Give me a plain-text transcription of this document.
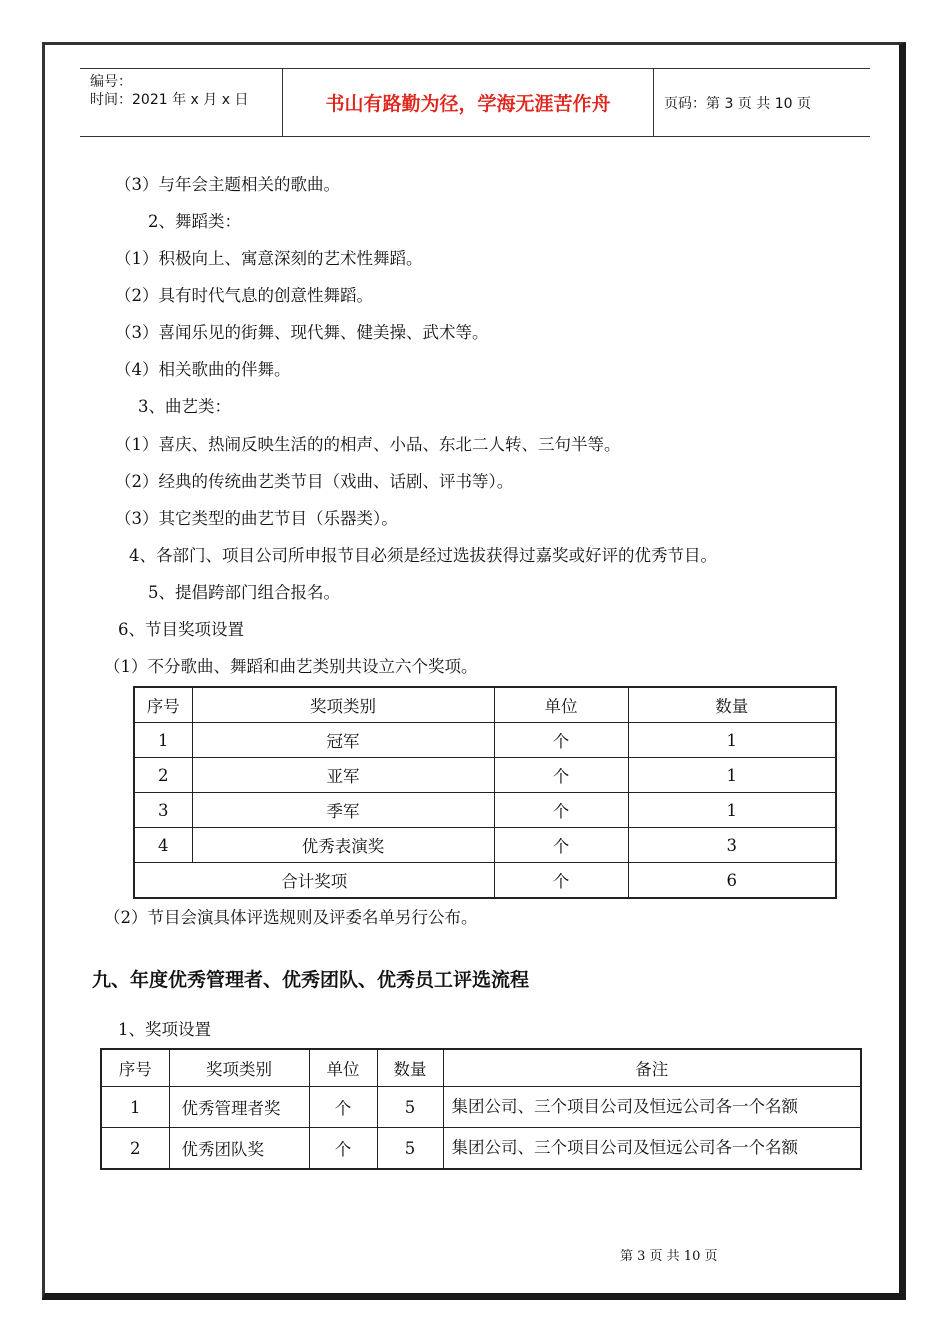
编号：
时间：2021 年 x 月 x 日	书山有路勤为径，学海无涯苦作舟	页码：第 3 页 共 10 页
（3）与年会主题相关的歌曲。
2、舞蹈类：
（1）积极向上、寓意深刻的艺术性舞蹈。
（2）具有时代气息的创意性舞蹈。
（3）喜闻乐见的街舞、现代舞、健美操、武术等。
（4）相关歌曲的伴舞。
3、曲艺类：
（1）喜庆、热闹反映生活的的相声、小品、东北二人转、三句半等。
（2）经典的传统曲艺类节目（戏曲、话剧、评书等）。
（3）其它类型的曲艺节目（乐器类）。
4、各部门、项目公司所申报节目必须是经过选拔获得过嘉奖或好评的优秀节目。
5、提倡跨部门组合报名。
6、节目奖项设置
（1）不分歌曲、舞蹈和曲艺类别共设立六个奖项。
序号	奖项类别	单位	数量
1	冠军	个	1
2	亚军	个	1
3	季军	个	1
4	优秀表演奖	个	3
合计奖项		个	6
（2）节目会演具体评选规则及评委名单另行公布。
九、年度优秀管理者、优秀团队、优秀员工评选流程
1、奖项设置
序号	奖项类别	单位	数量	备注
1	优秀管理者奖	个	5	集团公司、三个项目公司及恒远公司各一个名额
2	优秀团队奖	个	5	集团公司、三个项目公司及恒远公司各一个名额
第 3 页 共 10 页
